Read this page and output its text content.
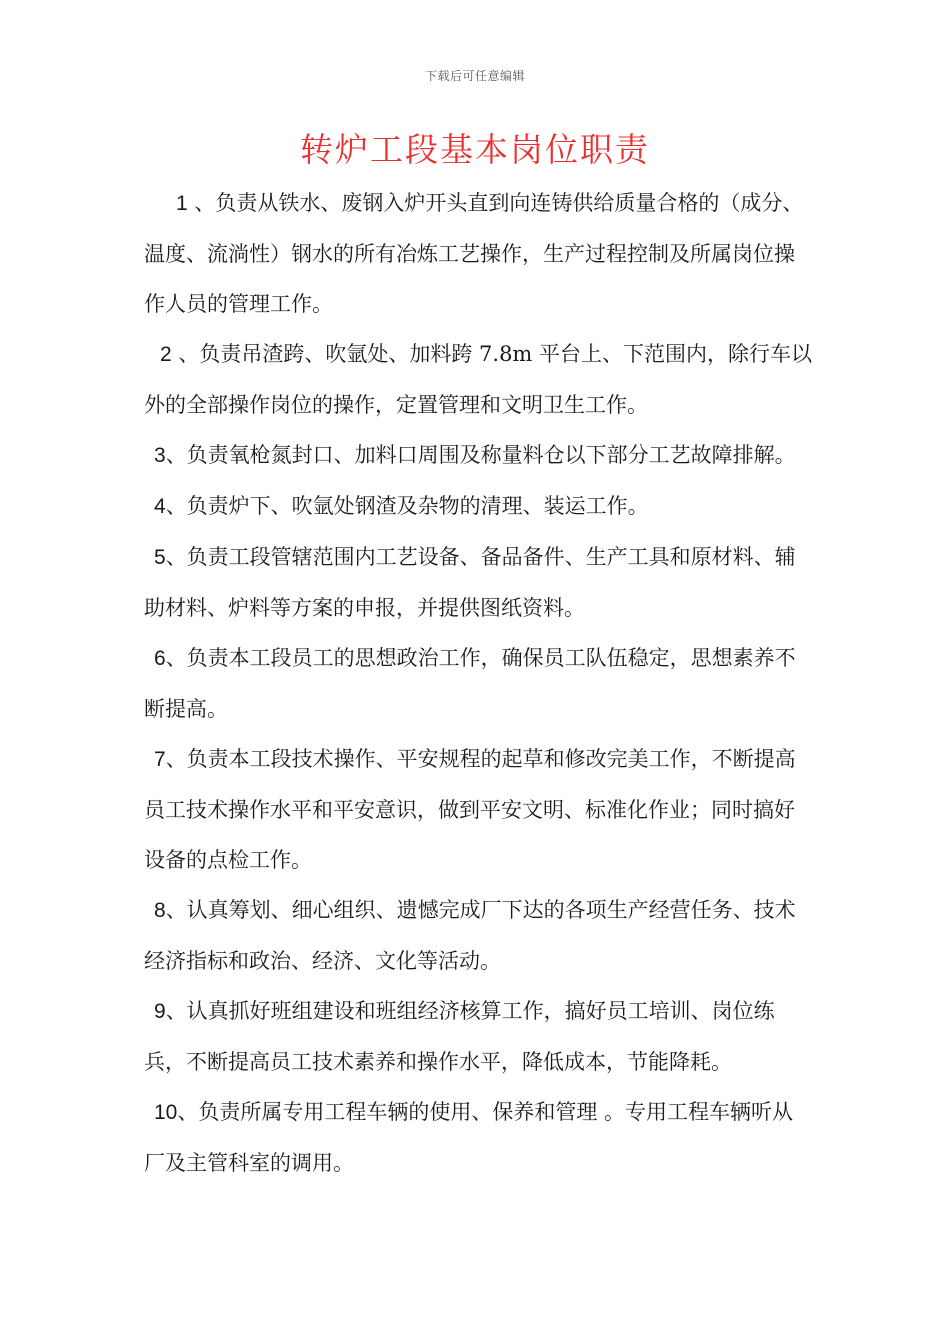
下载后可任意编辑
转炉工段基本岗位职责

1 、负责从铁水、废钢入炉开头直到向连铸供给质量合格的（成分、温度、流淌性）钢水的所有冶炼工艺操作，生产过程控制及所属岗位操作人员的管理工作。

2 、负责吊渣跨、吹氩处、加料跨 7.8m 平台上、下范围内，除行车以外的全部操作岗位的操作，定置管理和文明卫生工作。

3、负责氧枪氮封口、加料口周围及称量料仓以下部分工艺故障排解。

4、负责炉下、吹氩处钢渣及杂物的清理、装运工作。

5、负责工段管辖范围内工艺设备、备品备件、生产工具和原材料、辅助材料、炉料等方案的申报，并提供图纸资料。

6、负责本工段员工的思想政治工作，确保员工队伍稳定，思想素养不断提高。

7、负责本工段技术操作、平安规程的起草和修改完美工作，不断提高员工技术操作水平和平安意识，做到平安文明、标准化作业；同时搞好设备的点检工作。

8、认真筹划、细心组织、遗憾完成厂下达的各项生产经营任务、技术经济指标和政治、经济、文化等活动。

9、认真抓好班组建设和班组经济核算工作，搞好员工培训、岗位练兵，不断提高员工技术素养和操作水平，降低成本，节能降耗。

10、负责所属专用工程车辆的使用、保养和管理 。专用工程车辆听从厂及主管科室的调用。
